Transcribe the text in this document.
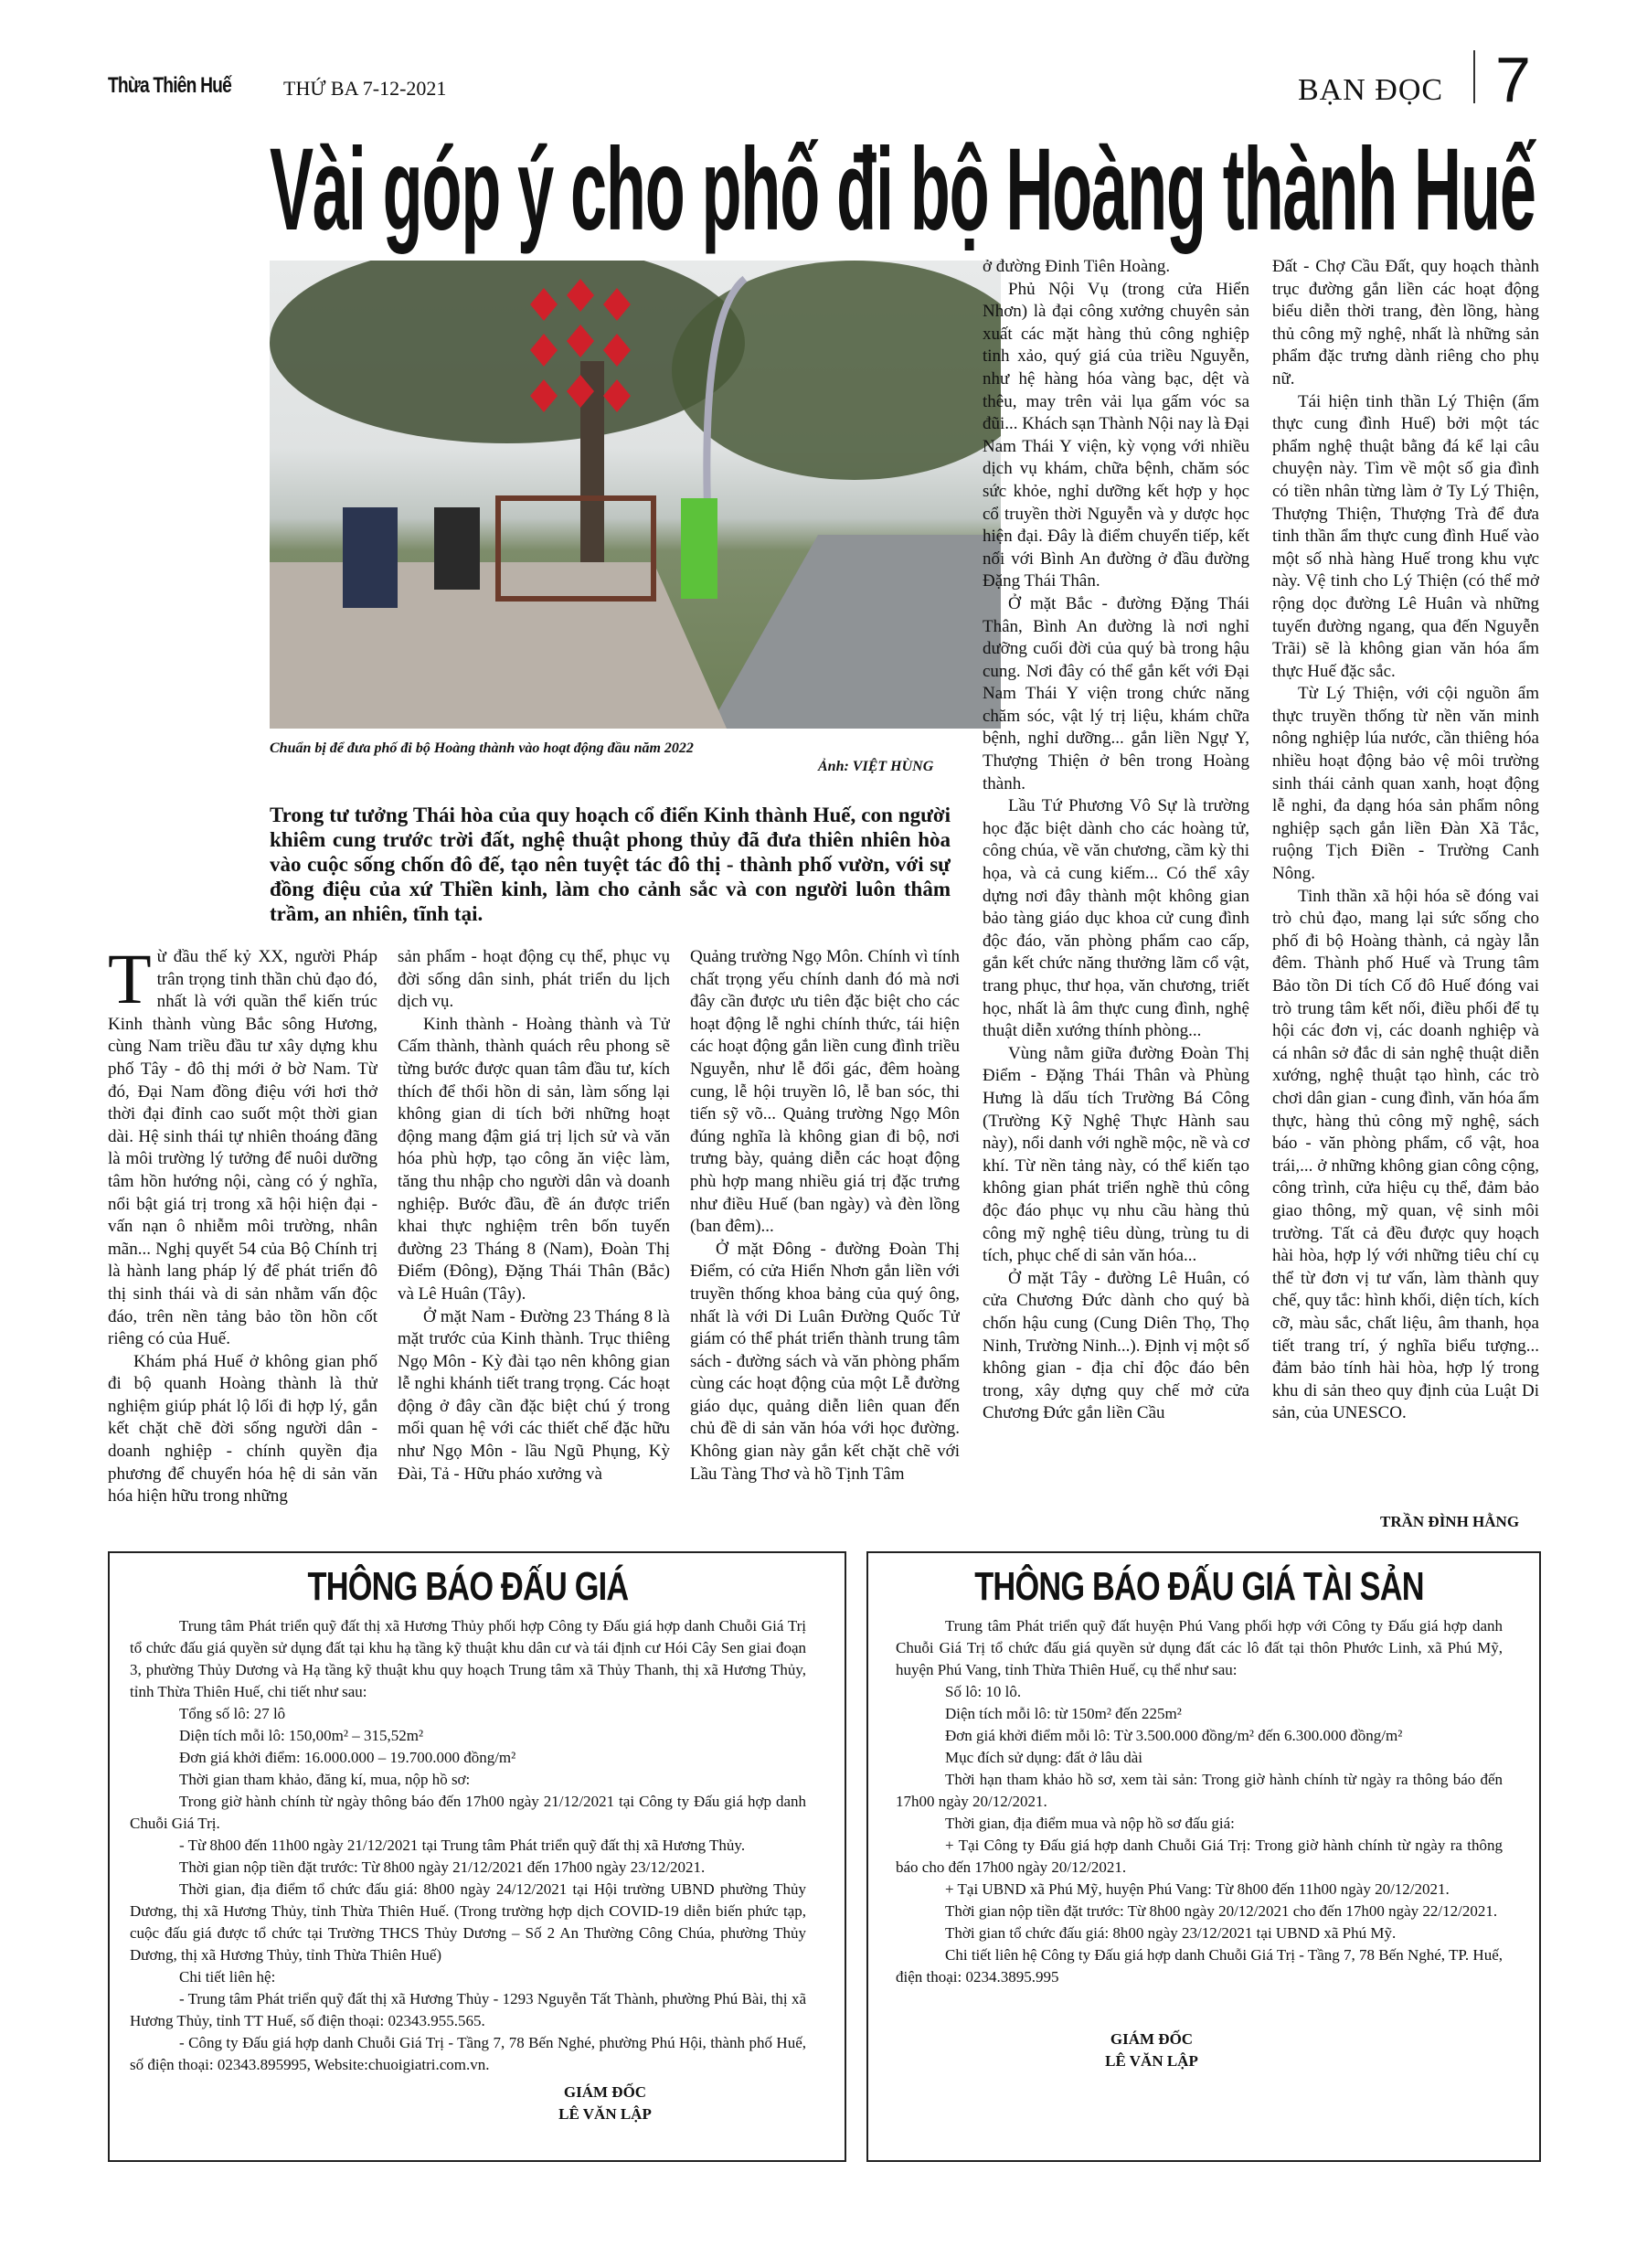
Thừa Thiên Huế	THỨ BA 7-12-2021	BẠN ĐỌC 7
Vài góp ý cho phố đi bộ Hoàng thành Huế
Chuẩn bị để đưa phố đi bộ Hoàng thành vào hoạt động đầu năm 2022
Ảnh: VIỆT HÙNG
Trong tư tưởng Thái hòa của quy hoạch cổ điển Kinh thành Huế, con người khiêm cung trước trời đất, nghệ thuật phong thủy đã đưa thiên nhiên hòa vào cuộc sống chốn đô đế, tạo nên tuyệt tác đô thị - thành phố vườn, với sự đồng điệu của xứ Thiền kinh, làm cho cảnh sắc và con người luôn thâm trầm, an nhiên, tĩnh tại.
T ừ đầu thế kỷ XX, người Pháp trân trọng tinh thần chủ đạo đó, nhất là với quần thể kiến trúc Kinh thành vùng Bắc sông Hương, cùng Nam triều đầu tư xây dựng khu phố Tây - đô thị mới ở bờ Nam. Từ đó, Đại Nam đồng điệu với hơi thở thời đại đỉnh cao suốt một thời gian dài. Hệ sinh thái tự nhiên thoáng đãng là môi trường lý tưởng để nuôi dưỡng tâm hồn hướng nội, càng có ý nghĩa, nổi bật giá trị trong xã hội hiện đại - vấn nạn ô nhiễm môi trường, nhân mãn... Nghị quyết 54 của Bộ Chính trị là hành lang pháp lý để phát triển đô thị sinh thái và di sản nhằm vấn độc đáo, trên nền tảng bảo tồn hồn cốt riêng có của Huế.

Khám phá Huế ở không gian phố đi bộ quanh Hoàng thành là thử nghiệm giúp phát lộ lối đi hợp lý, gắn kết chặt chẽ đời sống người dân - doanh nghiệp - chính quyền địa phương để chuyển hóa hệ di sản văn hóa hiện hữu trong những

sản phẩm - hoạt động cụ thể, phục vụ đời sống dân sinh, phát triển du lịch dịch vụ.

Kinh thành - Hoàng thành và Tử Cấm thành, thành quách rêu phong sẽ từng bước được quan tâm đầu tư, kích thích để thổi hồn di sản, làm sống lại không gian di tích bởi những hoạt động mang đậm giá trị lịch sử và văn hóa phù hợp, tạo công ăn việc làm, tăng thu nhập cho người dân và doanh nghiệp. Bước đầu, đề án được triển khai thực nghiệm trên bốn tuyến đường 23 Tháng 8 (Nam), Đoàn Thị Điểm (Đông), Đặng Thái Thân (Bắc) và Lê Huân (Tây).

Ở mặt Nam - Đường 23 Tháng 8 là mặt trước của Kinh thành. Trục thiêng Ngọ Môn - Kỳ đài tạo nên không gian lễ nghi khánh tiết trang trọng. Các hoạt động ở đây cần đặc biệt chú ý trong mối quan hệ với các thiết chế đặc hữu như Ngọ Môn - lầu Ngũ Phụng, Kỳ Đài, Tả - Hữu pháo xưởng và

Quảng trường Ngọ Môn. Chính vì tính chất trọng yếu chính danh đó mà nơi đây cần được ưu tiên đặc biệt cho các hoạt động lễ nghi chính thức, tái hiện các hoạt động gắn liền cung đình triều Nguyễn, như lễ đổi gác, đêm hoàng cung, lễ hội truyền lô, lễ ban sóc, thi tiến sỹ võ... Quảng trường Ngọ Môn đúng nghĩa là không gian đi bộ, nơi trưng bày, quảng diễn các hoạt động phù hợp mang nhiều giá trị đặc trưng như điều Huế (ban ngày) và đèn lồng (ban đêm)...

Ở mặt Đông - đường Đoàn Thị Điểm, có cửa Hiển Nhơn gắn liền với truyền thống khoa bảng của quý ông, nhất là với Di Luân Đường Quốc Tử giám có thể phát triển thành trung tâm sách - đường sách và văn phòng phẩm cùng các hoạt động của một Lễ đường giáo dục, quảng diễn liên quan đến chủ đề di sản văn hóa với học đường. Không gian này gắn kết chặt chẽ với Lầu Tàng Thơ và hồ Tịnh Tâm

ở đường Đinh Tiên Hoàng.

Phủ Nội Vụ (trong cửa Hiển Nhơn) là đại công xưởng chuyên sản xuất các mặt hàng thủ công nghiệp tinh xảo, quý giá của triều Nguyễn, như hệ hàng hóa vàng bạc, dệt và thêu, may trên vải lụa gấm vóc sa đũi... Khách sạn Thành Nội nay là Đại Nam Thái Y viện, kỳ vọng với nhiều dịch vụ khám, chữa bệnh, chăm sóc sức khỏe, nghỉ dưỡng kết hợp y học cổ truyền thời Nguyễn và y dược học hiện đại. Đây là điểm chuyển tiếp, kết nối với Bình An đường ở đầu đường Đặng Thái Thân.

Ở mặt Bắc - đường Đặng Thái Thân, Bình An đường là nơi nghỉ dưỡng cuối đời của quý bà trong hậu cung. Nơi đây có thể gắn kết với Đại Nam Thái Y viện trong chức năng chăm sóc, vật lý trị liệu, khám chữa bệnh, nghỉ dưỡng... gắn liền Ngự Y, Thượng Thiện ở bên trong Hoàng thành.

Lầu Tứ Phương Vô Sự là trường học đặc biệt dành cho các hoàng tử, công chúa, về văn chương, cầm kỳ thi họa, và cả cung kiếm... Có thể xây dựng nơi đây thành một không gian bảo tàng giáo dục khoa cử cung đình độc đáo, văn phòng phẩm cao cấp, gắn kết chức năng thưởng lãm cổ vật, trang phục, thư họa, văn chương, triết học, nhất là âm thực cung đình, nghệ thuật diễn xướng thính phòng...

Vùng nằm giữa đường Đoàn Thị Điểm - Đặng Thái Thân và Phùng Hưng là dấu tích Trường Bá Công (Trường Kỹ Nghệ Thực Hành sau này), nổi danh với nghề mộc, nề và cơ khí. Từ nền tảng này, có thể kiến tạo không gian phát triển nghề thủ công độc đáo phục vụ nhu cầu hàng thủ công mỹ nghệ tiêu dùng, trùng tu di tích, phục chế di sản văn hóa...

Ở mặt Tây - đường Lê Huân, có cửa Chương Đức dành cho quý bà chốn hậu cung (Cung Diên Thọ, Thọ Ninh, Trường Ninh...). Định vị một số không gian - địa chỉ độc đáo bên trong, xây dựng quy chế mở cửa Chương Đức gắn liền Cầu

Đất - Chợ Cầu Đất, quy hoạch thành trục đường gắn liền các hoạt động biểu diễn thời trang, đèn lồng, hàng thủ công mỹ nghệ, nhất là những sản phẩm đặc trưng dành riêng cho phụ nữ.

Tái hiện tinh thần Lý Thiện (ẩm thực cung đình Huế) bởi một tác phẩm nghệ thuật bằng đá kể lại câu chuyện này. Tìm về một số gia đình có tiền nhân từng làm ở Ty Lý Thiện, Thượng Thiện, Thượng Trà để đưa tinh thần ẩm thực cung đình Huế vào một số nhà hàng Huế trong khu vực này. Vệ tinh cho Lý Thiện (có thể mở rộng dọc đường Lê Huân và những tuyến đường ngang, qua đến Nguyễn Trãi) sẽ là không gian văn hóa ẩm thực Huế đặc sắc.

Từ Lý Thiện, với cội nguồn ẩm thực truyền thống từ nền văn minh nông nghiệp lúa nước, cần thiêng hóa nhiều hoạt động bảo vệ môi trường sinh thái cảnh quan xanh, hoạt động lễ nghi, đa dạng hóa sản phẩm nông nghiệp sạch gắn liền Đàn Xã Tắc, ruộng Tịch Điền - Trường Canh Nông.

Tinh thần xã hội hóa sẽ đóng vai trò chủ đạo, mang lại sức sống cho phố đi bộ Hoàng thành, cả ngày lẫn đêm. Thành phố Huế và Trung tâm Bảo tồn Di tích Cố đô Huế đóng vai trò trung tâm kết nối, điều phối để tụ hội các đơn vị, các doanh nghiệp và cá nhân sở đắc di sản nghệ thuật diễn xướng, nghệ thuật tạo hình, các trò chơi dân gian - cung đình, văn hóa ẩm thực, hàng thủ công mỹ nghệ, sách báo - văn phòng phẩm, cổ vật, hoa trái,... ở những không gian công cộng, công trình, cửa hiệu cụ thể, đảm bảo giao thông, mỹ quan, vệ sinh môi trường. Tất cả đều được quy hoạch hài hòa, hợp lý với những tiêu chí cụ thể từ đơn vị tư vấn, làm thành quy chế, quy tắc: hình khối, diện tích, kích cỡ, màu sắc, chất liệu, âm thanh, họa tiết trang trí, ý nghĩa biểu tượng... đảm bảo tính hài hòa, hợp lý trong khu di sản theo quy định của Luật Di sản, của UNESCO.

TRẦN ĐÌNH HẰNG
THÔNG BÁO ĐẤU GIÁ

Trung tâm Phát triển quỹ đất thị xã Hương Thủy phối hợp Công ty Đấu giá hợp danh Chuỗi Giá Trị tổ chức đấu giá quyền sử dụng đất tại khu hạ tầng kỹ thuật khu dân cư và tái định cư Hói Cây Sen giai đoạn 3, phường Thủy Dương và Hạ tầng kỹ thuật khu quy hoạch Trung tâm xã Thủy Thanh, thị xã Hương Thủy, tỉnh Thừa Thiên Huế, chi tiết như sau:

Tổng số lô: 27 lô

Diện tích mỗi lô: 150,00m² – 315,52m²

Đơn giá khởi điểm: 16.000.000 – 19.700.000 đồng/m²

Thời gian tham khảo, đăng kí, mua, nộp hồ sơ:

Trong giờ hành chính từ ngày thông báo đến 17h00 ngày 21/12/2021 tại Công ty Đấu giá hợp danh Chuỗi Giá Trị.

- Từ 8h00 đến 11h00 ngày 21/12/2021 tại Trung tâm Phát triển quỹ đất thị xã Hương Thủy.

Thời gian nộp tiền đặt trước: Từ 8h00 ngày 21/12/2021 đến 17h00 ngày 23/12/2021.

Thời gian, địa điểm tổ chức đấu giá: 8h00 ngày 24/12/2021 tại Hội trường UBND phường Thủy Dương, thị xã Hương Thủy, tỉnh Thừa Thiên Huế. (Trong trường hợp dịch COVID-19 diễn biến phức tạp, cuộc đấu giá được tổ chức tại Trường THCS Thủy Dương – Số 2 An Thường Công Chúa, phường Thủy Dương, thị xã Hương Thủy, tỉnh Thừa Thiên Huế)

Chi tiết liên hệ:

- Trung tâm Phát triển quỹ đất thị xã Hương Thủy - 1293 Nguyễn Tất Thành, phường Phú Bài, thị xã Hương Thủy, tỉnh TT Huế, số điện thoại: 02343.955.565.

- Công ty Đấu giá hợp danh Chuỗi Giá Trị - Tầng 7, 78 Bến Nghé, phường Phú Hội, thành phố Huế, số điện thoại: 02343.895995, Website:chuoigiatri.com.vn.

GIÁM ĐỐC
LÊ VĂN LẬP
THÔNG BÁO ĐẤU GIÁ TÀI SẢN

Trung tâm Phát triển quỹ đất huyện Phú Vang phối hợp với Công ty Đấu giá hợp danh Chuỗi Giá Trị tổ chức đấu giá quyền sử dụng đất các lô đất tại thôn Phước Linh, xã Phú Mỹ, huyện Phú Vang, tỉnh Thừa Thiên Huế, cụ thể như sau:

Số lô: 10 lô.

Diện tích mỗi lô: từ 150m² đến 225m²

Đơn giá khởi điểm mỗi lô: Từ 3.500.000 đồng/m² đến 6.300.000 đồng/m²

Mục đích sử dụng: đất ở lâu dài

Thời hạn tham khảo hồ sơ, xem tài sản: Trong giờ hành chính từ ngày ra thông báo đến 17h00 ngày 20/12/2021.

Thời gian, địa điểm mua và nộp hồ sơ đấu giá:

+ Tại Công ty Đấu giá hợp danh Chuỗi Giá Trị: Trong giờ hành chính từ ngày ra thông báo cho đến 17h00 ngày 20/12/2021.

+ Tại UBND xã Phú Mỹ, huyện Phú Vang: Từ 8h00 đến 11h00 ngày 20/12/2021.

Thời gian nộp tiền đặt trước: Từ 8h00 ngày 20/12/2021 cho đến 17h00 ngày 22/12/2021.

Thời gian tổ chức đấu giá: 8h00 ngày 23/12/2021 tại UBND xã Phú Mỹ.

Chi tiết liên hệ Công ty Đấu giá hợp danh Chuỗi Giá Trị - Tầng 7, 78 Bến Nghé, TP. Huế, điện thoại: 0234.3895.995

GIÁM ĐỐC
LÊ VĂN LẬP
